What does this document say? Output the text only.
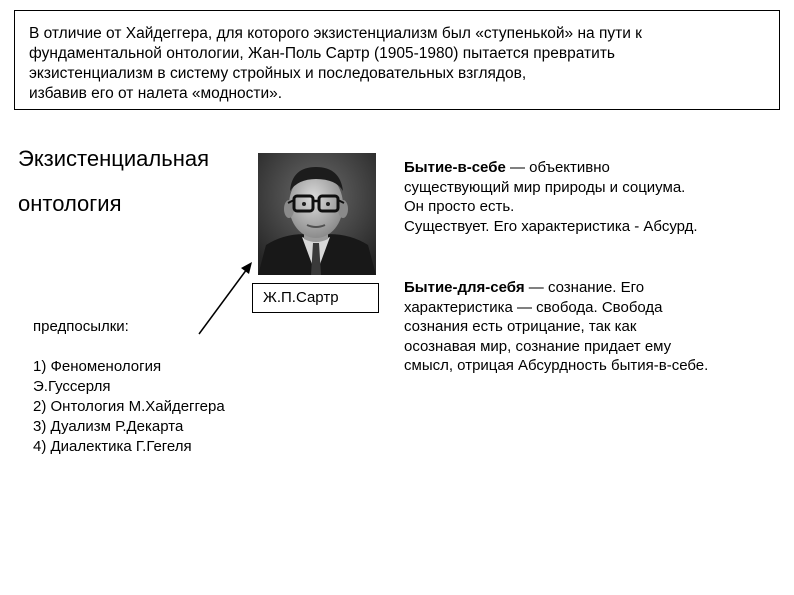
В отличие от Хайдеггера, для которого экзистенциализм был «ступенькой» на пути к
фундаментальной онтологии, Жан-Поль Сартр (1905-1980) пытается превратить
экзистенциализм в систему стройных и последовательных взглядов,
избавив его от налета «модности».
Экзистенциальная
онтология
Ж.П.Сартр
предпосылки:
1) Феноменология
Э.Гуссерля
2) Онтология М.Хайдеггера
3) Дуализм Р.Декарта
4) Диалектика Г.Гегеля
Бытие-в-себе — объективно
существующий мир природы и социума.
Он просто есть.
Существует. Его характеристика - Абсурд.
Бытие-для-себя — сознание. Его
характеристика — свобода. Свобода
сознания есть отрицание, так как
осознавая мир, сознание придает ему
смысл, отрицая Абсурдность бытия-в-себе.
